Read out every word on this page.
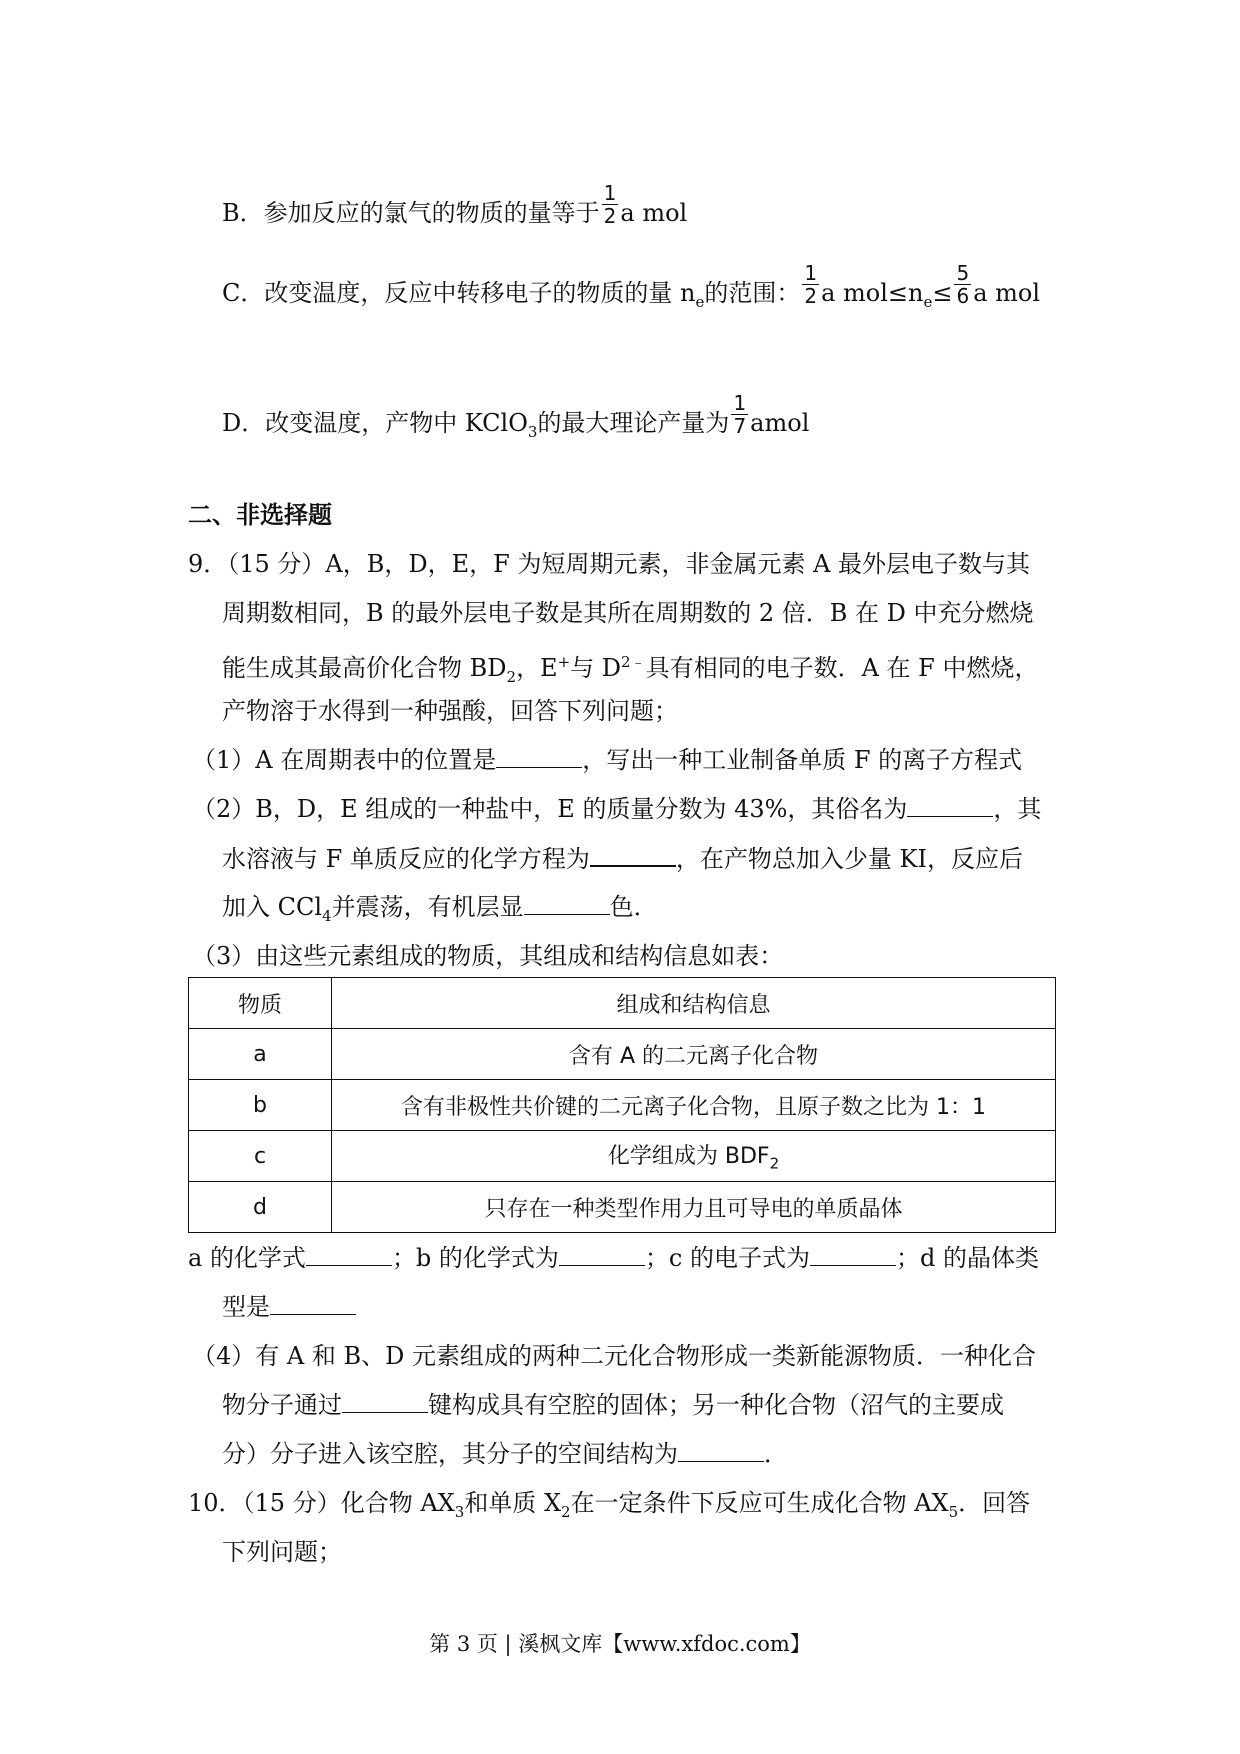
B．参加反应的氯气的物质的量等于 $\frac{1}{2}$ a mol
C．改变温度，反应中转移电子的物质的量 $n_e$的范围： $\frac{1}{2}$ a $mol\le n_e\le \frac{5}{6}$ a mol
D．改变温度，产物中 KClO$_3$的最大理论产量为 $\frac{1}{7}$ amol
二、非选择题
9．（15 分）A，B，D，E，F 为短周期元素，非金属元素 A 最外层电子数与其
周期数相同，B 的最外层电子数是其所在周期数的 2 倍．B 在 D 中充分燃烧
能生成其最高价化合物 $BD_2$，E+与 $D^{2﹣}$具有相同的电子数．A 在 F 中燃烧，
产物溶于水得到一种强酸，回答下列问题；
（1）A 在周期表中的位置是	，写出一种工业制备单质 F 的离子方程式
（2）B，D，E 组成的一种盐中，E 的质量分数为 43%，其俗名为	，其
水溶液与 F 单质反应的化学方程为	，在产物总加入少量 KI，反应后
加入 CCl$_4$并震荡，有机层显	色．
（3）由这些元素组成的物质，其组成和结构信息如表：
物质	组成和结构信息
a	含有 A 的二元离子化合物
b	含有非极性共价键的二元离子化合物，且原子数之比为 1：1
c	化学组成为 $BDF_2$
d	只存在一种类型作用力且可导电的单质晶体
a 的化学式	；b 的化学式为	；c 的电子式为	；d 的晶体类
型是
（4）有 A 和 B、D 元素组成的两种二元化合物形成一类新能源物质．一种化合
物分子通过	键构成具有空腔的固体；另一种化合物（沼气的主要成
分）分子进入该空腔，其分子的空间结构为	．
10．（15 分）化合物 $AX_3$和单质 $X_2$在一定条件下反应可生成化合物 $AX_5$．回答
下列问题；
第 3 页 | 溪枫文库【www.xfdoc.com】
